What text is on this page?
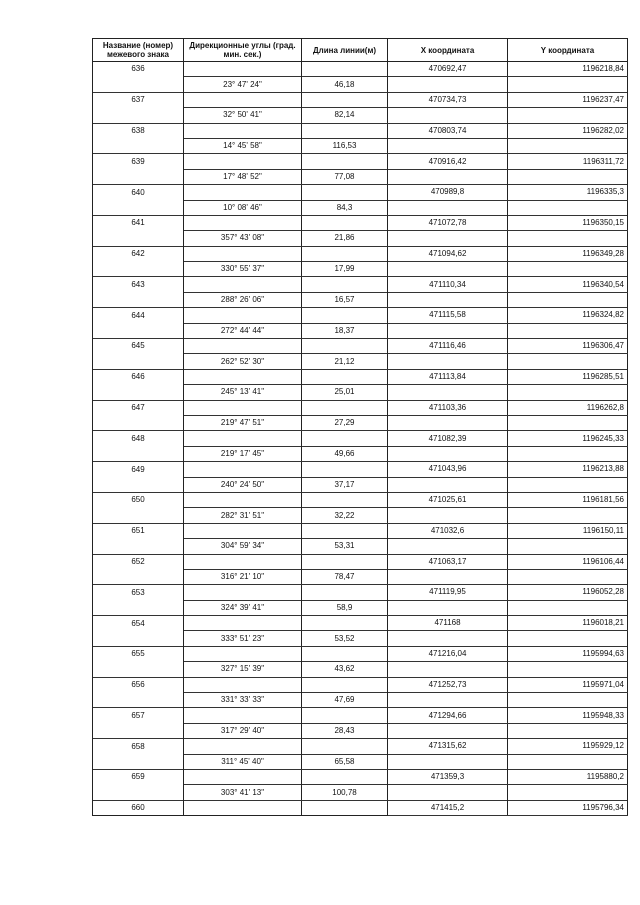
Название (номер) межевого знака	Дирекционные углы (град. мин. сек.)	Длина линии(м)	X координата	Y координата
636			470692,47	1196218,84
	23° 47' 24"	46,18		
637			470734,73	1196237,47
	32° 50' 41"	82,14		
638			470803,74	1196282,02
	14° 45' 58"	116,53		
639			470916,42	1196311,72
	17° 48' 52"	77,08		
640			470989,8	1196335,3
	10° 08' 46"	84,3		
641			471072,78	1196350,15
	357° 43' 08"	21,86		
642			471094,62	1196349,28
	330° 55' 37"	17,99		
643			471110,34	1196340,54
	288° 26' 06"	16,57		
644			471115,58	1196324,82
	272° 44' 44"	18,37		
645			471116,46	1196306,47
	262° 52' 30"	21,12		
646			471113,84	1196285,51
	245° 13' 41"	25,01		
647			471103,36	1196262,8
	219° 47' 51"	27,29		
648			471082,39	1196245,33
	219° 17' 45"	49,66		
649			471043,96	1196213,88
	240° 24' 50"	37,17		
650			471025,61	1196181,56
	282° 31' 51"	32,22		
651			471032,6	1196150,11
	304° 59' 34"	53,31		
652			471063,17	1196106,44
	316° 21' 10"	78,47		
653			471119,95	1196052,28
	324° 39' 41"	58,9		
654			471168	1196018,21
	333° 51' 23"	53,52		
655			471216,04	1195994,63
	327° 15' 39"	43,62		
656			471252,73	1195971,04
	331° 33' 33"	47,69		
657			471294,66	1195948,33
	317° 29' 40"	28,43		
658			471315,62	1195929,12
	311° 45' 40"	65,58		
659			471359,3	1195880,2
	303° 41' 13"	100,78		
660			471415,2	1195796,34
